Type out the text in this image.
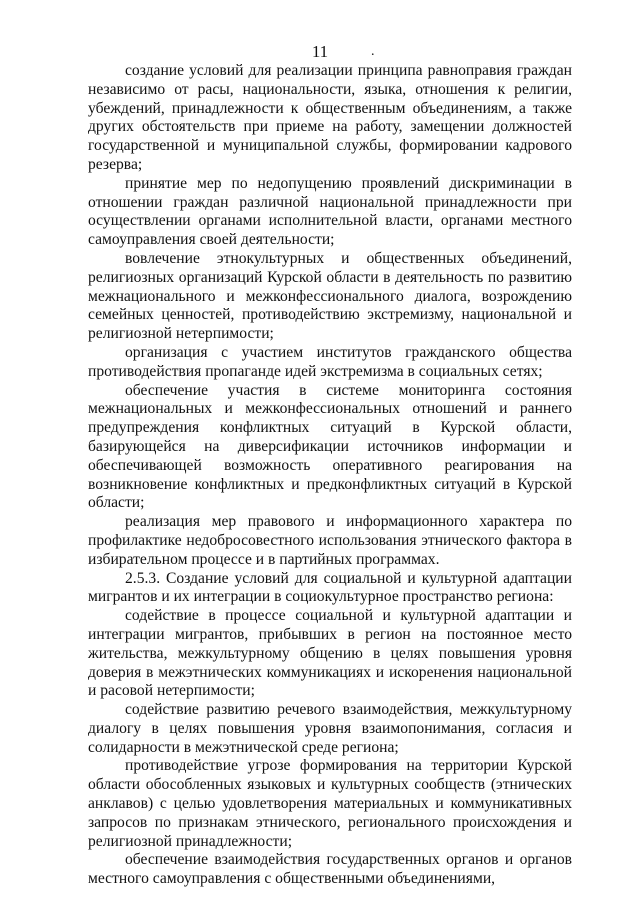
11	.

создание условий для реализации принципа равноправия граждан независимо от расы, национальности, языка, отношения к религии, убеждений, принадлежности к общественным объединениям, а также других обстоятельств при приеме на работу, замещении должностей государственной и муниципальной службы, формировании кадрового резерва;

принятие мер по недопущению проявлений дискриминации в отношении граждан различной национальной принадлежности при осуществлении органами исполнительной власти, органами местного самоуправления своей деятельности;

вовлечение этнокультурных и общественных объединений, религиозных организаций Курской области в деятельность по развитию межнационального и межконфессионального диалога, возрождению семейных ценностей, противодействию экстремизму, национальной и религиозной нетерпимости;

организация с участием институтов гражданского общества противодействия пропаганде идей экстремизма в социальных сетях;

обеспечение участия в системе мониторинга состояния межнациональных и межконфессиональных отношений и раннего предупреждения конфликтных ситуаций в Курской области, базирующейся на диверсификации источников информации и обеспечивающей возможность оперативного реагирования на возникновение конфликтных и предконфликтных ситуаций в Курской области;

реализация мер правового и информационного характера по профилактике недобросовестного использования этнического фактора в избирательном процессе и в партийных программах.

2.5.3. Создание условий для социальной и культурной адаптации мигрантов и их интеграции в социокультурное пространство региона:

содействие в процессе социальной и культурной адаптации и интеграции мигрантов, прибывших в регион на постоянное место жительства, межкультурному общению в целях повышения уровня доверия в межэтнических коммуникациях и искоренения национальной и расовой нетерпимости;

содействие развитию речевого взаимодействия, межкультурному диалогу в целях повышения уровня взаимопонимания, согласия и солидарности в межэтнической среде региона;

противодействие угрозе формирования на территории Курской области обособленных языковых и культурных сообществ (этнических анклавов) с целью удовлетворения материальных и коммуникативных запросов по признакам этнического, регионального происхождения и религиозной принадлежности;

обеспечение взаимодействия государственных органов и органов местного самоуправления с общественными объединениями,
